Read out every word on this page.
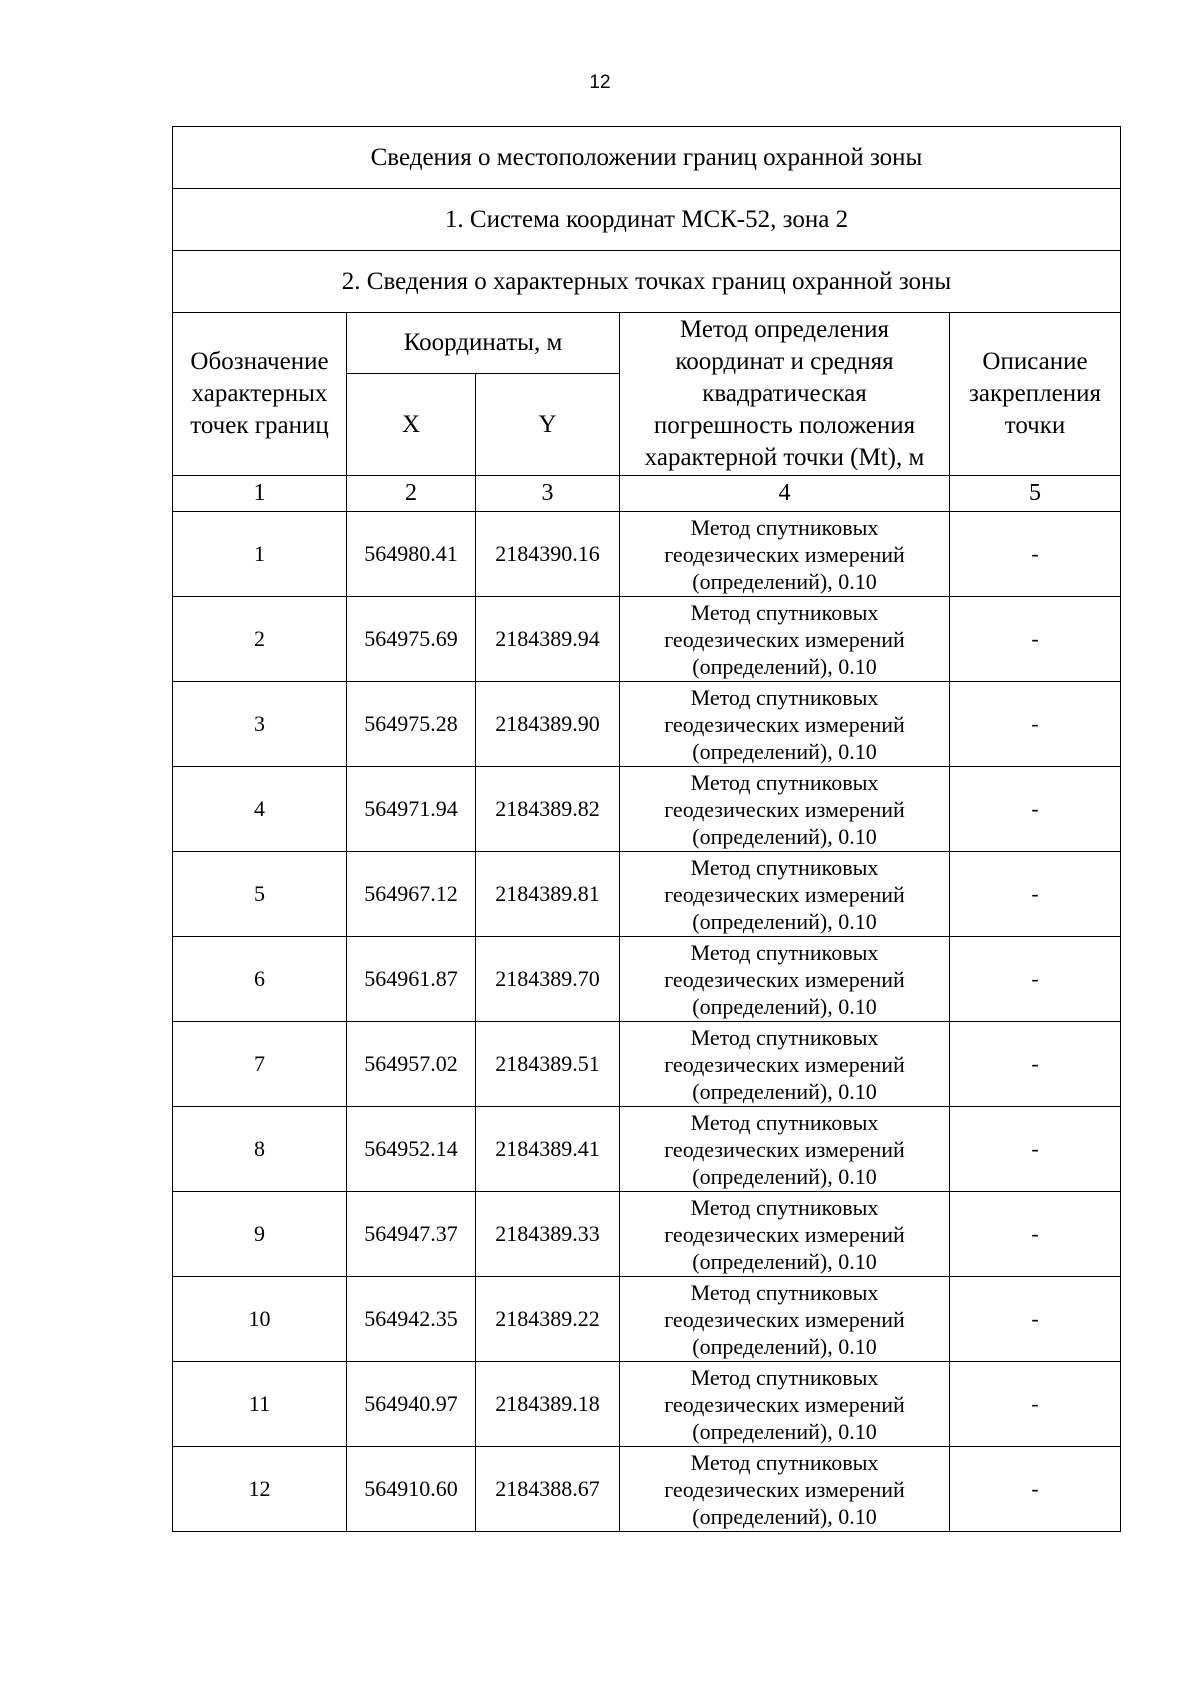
12
Сведения о местоположении границ охранной зоны				
1. Система координат МСК-52, зона 2				
2. Сведения о характерных точках границ охранной зоны				

Обозначение
характерных
точек границ	Координаты, м		Метод определения
координат и средняя
квадратическая
погрешность положения
характерной точки (Mt), м	Описание
закрепления
точки

	X	Y		
1	2	3	4	5
1	564980.41	2184390.16	Метод спутниковых
геодезических измерений
(определений), 0.10	-
2	564975.69	2184389.94	Метод спутниковых
геодезических измерений
(определений), 0.10	-
3	564975.28	2184389.90	Метод спутниковых
геодезических измерений
(определений), 0.10	-
4	564971.94	2184389.82	Метод спутниковых
геодезических измерений
(определений), 0.10	-
5	564967.12	2184389.81	Метод спутниковых
геодезических измерений
(определений), 0.10	-
6	564961.87	2184389.70	Метод спутниковых
геодезических измерений
(определений), 0.10	-
7	564957.02	2184389.51	Метод спутниковых
геодезических измерений
(определений), 0.10	-
8	564952.14	2184389.41	Метод спутниковых
геодезических измерений
(определений), 0.10	-
9	564947.37	2184389.33	Метод спутниковых
геодезических измерений
(определений), 0.10	-
10	564942.35	2184389.22	Метод спутниковых
геодезических измерений
(определений), 0.10	-
11	564940.97	2184389.18	Метод спутниковых
геодезических измерений
(определений), 0.10	-
12	564910.60	2184388.67	Метод спутниковых
геодезических измерений
(определений), 0.10	-
